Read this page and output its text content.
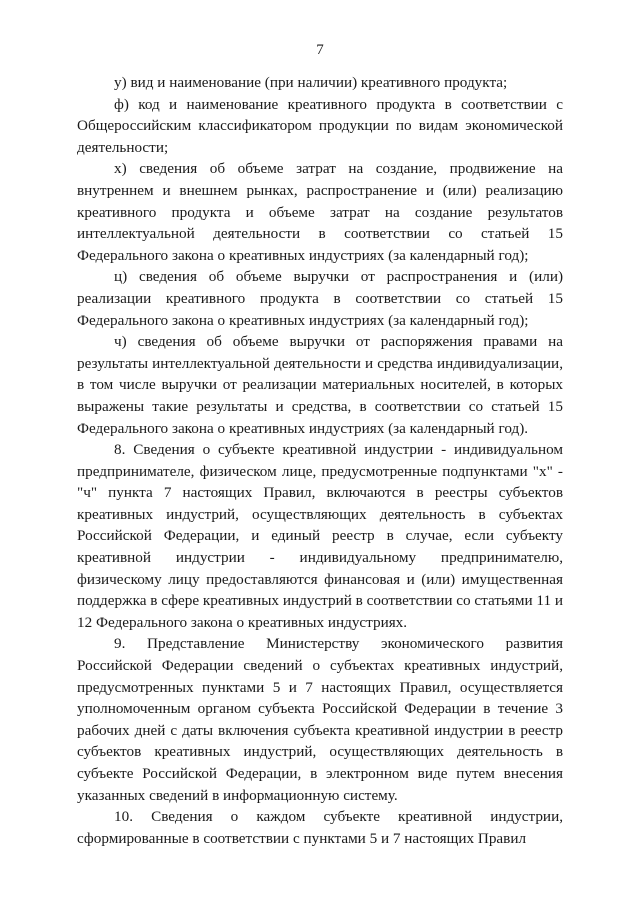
7

у) вид и наименование (при наличии) креативного продукта;

ф) код и наименование креативного продукта в соответствии с Общероссийским классификатором продукции по видам экономической деятельности;

х) сведения об объеме затрат на создание, продвижение на внутреннем и внешнем рынках, распространение и (или) реализацию креативного продукта и объеме затрат на создание результатов интеллектуальной деятельности в соответствии со статьей 15 Федерального закона о креативных индустриях (за календарный год);

ц) сведения об объеме выручки от распространения и (или) реализации креативного продукта в соответствии со статьей 15 Федерального закона о креативных индустриях (за календарный год);

ч) сведения об объеме выручки от распоряжения правами на результаты интеллектуальной деятельности и средства индивидуализации, в том числе выручки от реализации материальных носителей, в которых выражены такие результаты и средства, в соответствии со статьей 15 Федерального закона о креативных индустриях (за календарный год).

8. Сведения о субъекте креативной индустрии - индивидуальном предпринимателе, физическом лице, предусмотренные подпунктами "х" - "ч" пункта 7 настоящих Правил, включаются в реестры субъектов креативных индустрий, осуществляющих деятельность в субъектах Российской Федерации, и единый реестр в случае, если субъекту креативной индустрии - индивидуальному предпринимателю, физическому лицу предоставляются финансовая и (или) имущественная поддержка в сфере креативных индустрий в соответствии со статьями 11 и 12 Федерального закона о креативных индустриях.

9. Представление Министерству экономического развития Российской Федерации сведений о субъектах креативных индустрий, предусмотренных пунктами 5 и 7 настоящих Правил, осуществляется уполномоченным органом субъекта Российской Федерации в течение 3 рабочих дней с даты включения субъекта креативной индустрии в реестр субъектов креативных индустрий, осуществляющих деятельность в субъекте Российской Федерации, в электронном виде путем внесения указанных сведений в информационную систему.

10. Сведения о каждом субъекте креативной индустрии, сформированные в соответствии с пунктами 5 и 7 настоящих Правил
